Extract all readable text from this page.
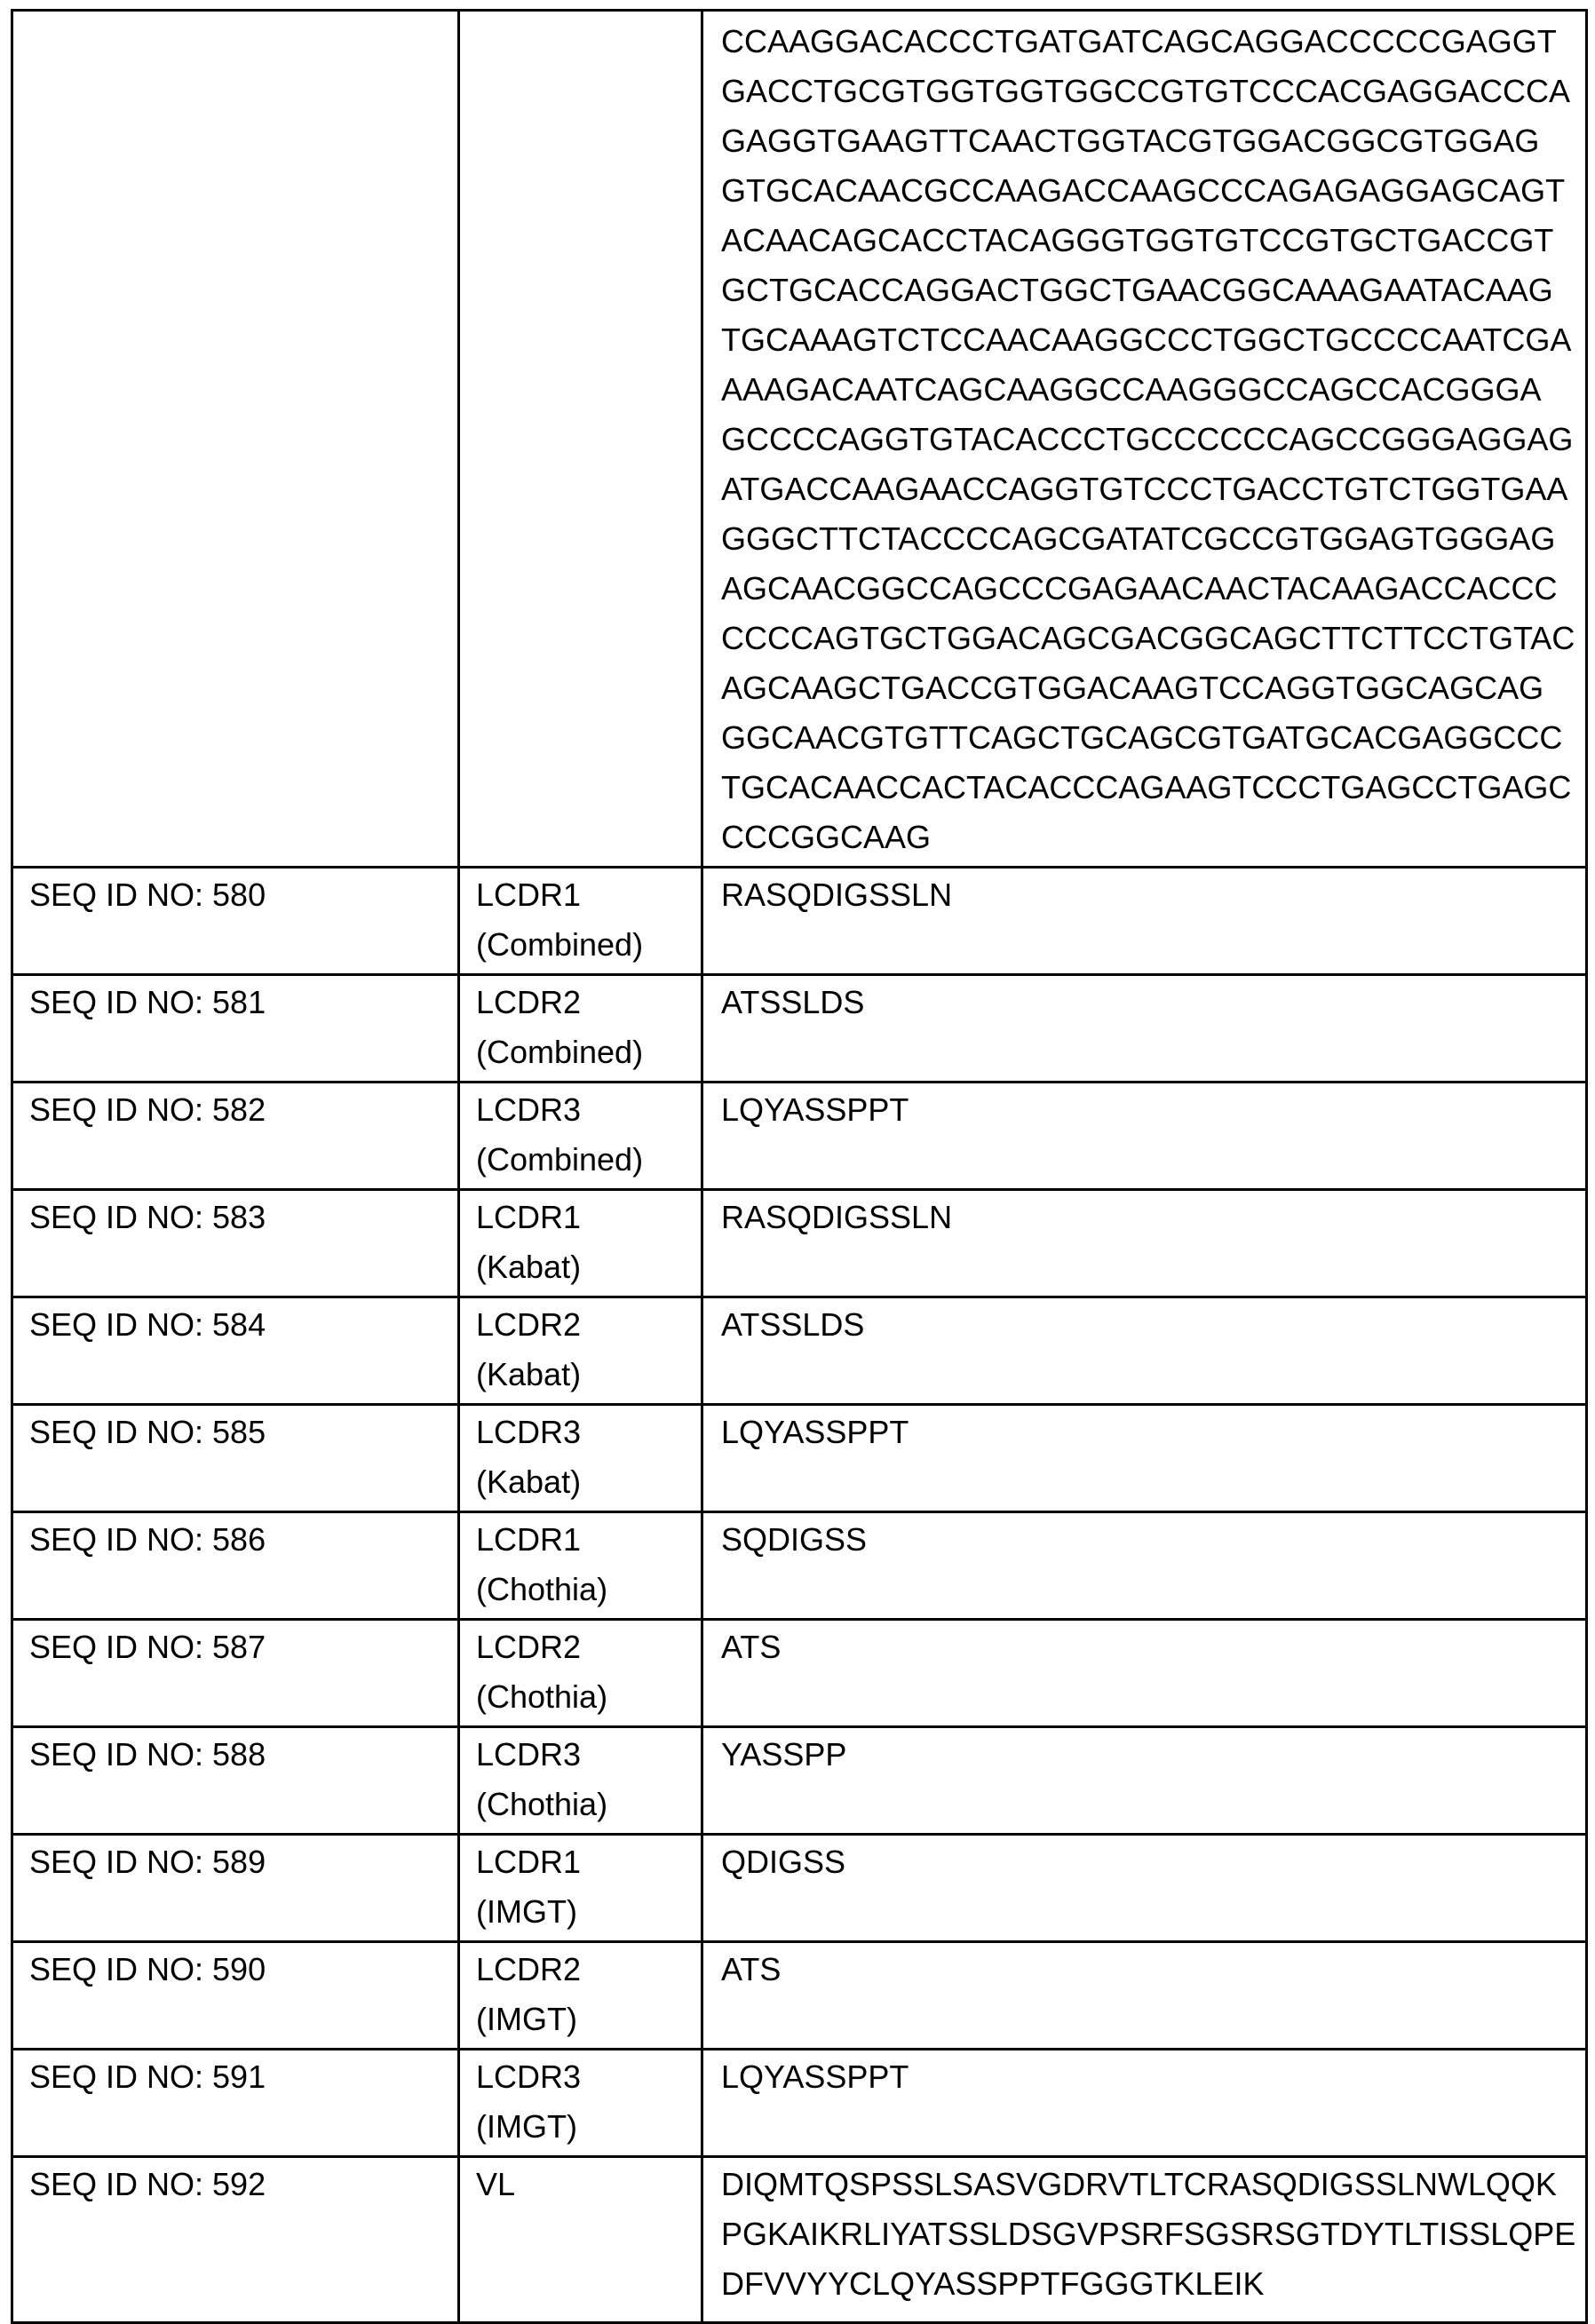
CCAAGGACACCCTGATGATCAGCAGGACCCCCGAGGT
GACCTGCGTGGTGGTGGCCGTGTCCCACGAGGACCCA
GAGGTGAAGTTCAACTGGTACGTGGACGGCGTGGAG
GTGCACAACGCCAAGACCAAGCCCAGAGAGGAGCAGT
ACAACAGCACCTACAGGGTGGTGTCCGTGCTGACCGT
GCTGCACCAGGACTGGCTGAACGGCAAAGAATACAAG
TGCAAAGTCTCCAACAAGGCCCTGGCTGCCCCAATCGA
AAAGACAATCAGCAAGGCCAAGGGCCAGCCACGGGA
GCCCCAGGTGTACACCCTGCCCCCCAGCCGGGAGGAG
ATGACCAAGAACCAGGTGTCCCTGACCTGTCTGGTGAA
GGGCTTCTACCCCAGCGATATCGCCGTGGAGTGGGAG
AGCAACGGCCAGCCCGAGAACAACTACAAGACCACCC
CCCCAGTGCTGGACAGCGACGGCAGCTTCTTCCTGTAC
AGCAAGCTGACCGTGGACAAGTCCAGGTGGCAGCAG
GGCAACGTGTTCAGCTGCAGCGTGATGCACGAGGCCC
TGCACAACCACTACACCCAGAAGTCCCTGAGCCTGAGC
CCCGGCAAG

SEQ ID NO: 580	LCDR1
(Combined)

RASQDIGSSLN

SEQ ID NO: 581	LCDR2
(Combined)

ATSSLDS

SEQ ID NO: 582	LCDR3
(Combined)

LQYASSPPT

SEQ ID NO: 583	LCDR1
(Kabat)

RASQDIGSSLN

SEQ ID NO: 584	LCDR2
(Kabat)

ATSSLDS

SEQ ID NO: 585	LCDR3
(Kabat)

LQYASSPPT

SEQ ID NO: 586	LCDR1
(Chothia)

SQDIGSS

SEQ ID NO: 587	LCDR2
(Chothia)

ATS

SEQ ID NO: 588	LCDR3
(Chothia)

YASSPP

SEQ ID NO: 589	LCDR1
(IMGT)

QDIGSS

SEQ ID NO: 590	LCDR2
(IMGT)

ATS

SEQ ID NO: 591	LCDR3
(IMGT)

LQYASSPPT

SEQ ID NO: 592	VL	DIQMTQSPSSLSASVGDRVTLTCRASQDIGSSLNWLQQK
PGKAIKRLIYATSSLDSGVPSRFSGSRSGTDYTLTISSLQPE
DFVVYYCLQYASSPPTFGGGTKLEIK
